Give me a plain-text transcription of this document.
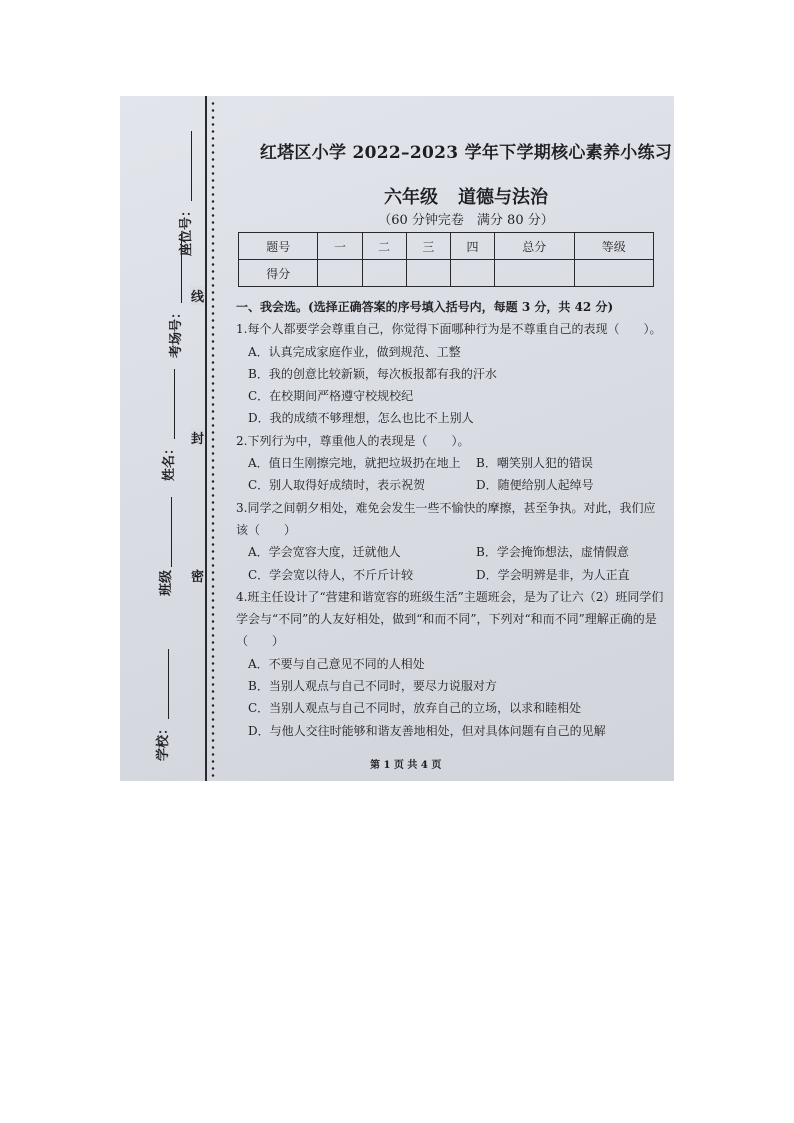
座位号：
考场号：
姓名：
班级
学校：
线
封
密
红塔区小学 2022–2023 学年下学期核心素养小练习
六年级 道德与法治
（60 分钟完卷　满分 80 分）
题号	一	二	三	四	总分	等级
得分						
一、我会选。(选择正确答案的序号填入括号内，每题 3 分，共 42 分)
1.每个人都要学会尊重自己，你觉得下面哪种行为是不尊重自己的表现（　　）。
A．认真完成家庭作业，做到规范、工整
B．我的创意比较新颖，每次板报都有我的汗水
C．在校期间严格遵守校规校纪
D．我的成绩不够理想，怎么也比不上别人
2.下列行为中，尊重他人的表现是（　　）。
A．值日生刚擦完地，就把垃圾扔在地上	B．嘲笑别人犯的错误
C．别人取得好成绩时，表示祝贺	D．随便给别人起绰号
3.同学之间朝夕相处，难免会发生一些不愉快的摩擦，甚至争执。对此，我们应该（　　）
A．学会宽容大度，迁就他人	B．学会掩饰想法，虚情假意
C．学会宽以待人，不斤斤计较	D．学会明辨是非，为人正直
4.班主任设计了“营建和谐宽容的班级生活”主题班会，是为了让六（2）班同学们学会与“不同”的人友好相处，做到“和而不同”，下列对“和而不同”理解正确的是（　　）
A．不要与自己意见不同的人相处
B．当别人观点与自己不同时，要尽力说服对方
C．当别人观点与自己不同时，放弃自己的立场，以求和睦相处
D．与他人交往时能够和谐友善地相处，但对具体问题有自己的见解
第 1 页 共 4 页
